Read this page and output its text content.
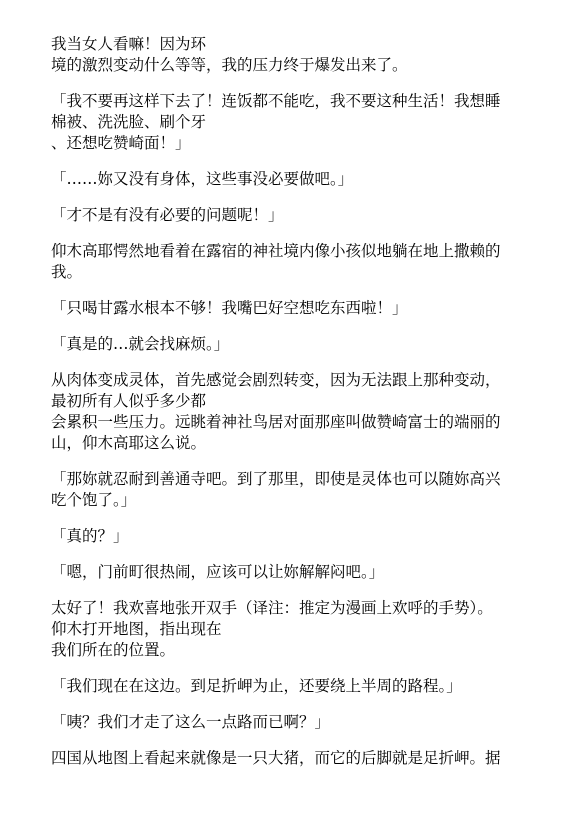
我当女人看嘛！因为环
境的激烈变动什么等等，我的压力终于爆发出来了。

「我不要再这样下去了！连饭都不能吃，我不要这种生活！我想睡
棉被、洗洗脸、刷个牙
、还想吃赞崎面！」

「……妳又没有身体，这些事没必要做吧。」

「才不是有没有必要的问题呢！」

仰木高耶愕然地看着在露宿的神社境内像小孩似地躺在地上撒赖的
我。

「只喝甘露水根本不够！我嘴巴好空想吃东西啦！」

「真是的…就会找麻烦。」

从肉体变成灵体，首先感觉会剧烈转变，因为无法跟上那种变动，
最初所有人似乎多少都
会累积一些压力。远眺着神社鸟居对面那座叫做赞崎富士的端丽的
山，仰木高耶这么说。

「那妳就忍耐到善通寺吧。到了那里，即使是灵体也可以随妳高兴
吃个饱了。」

「真的？」

「嗯，门前町很热闹，应该可以让妳解解闷吧。」

太好了！我欢喜地张开双手（译注：推定为漫画上欢呼的手势）。
仰木打开地图，指出现在
我们所在的位置。

「我们现在在这边。到足折岬为止，还要绕上半周的路程。」

「咦？我们才走了这么一点路而已啊？」

四国从地图上看起来就像是一只大猪，而它的后脚就是足折岬。据
